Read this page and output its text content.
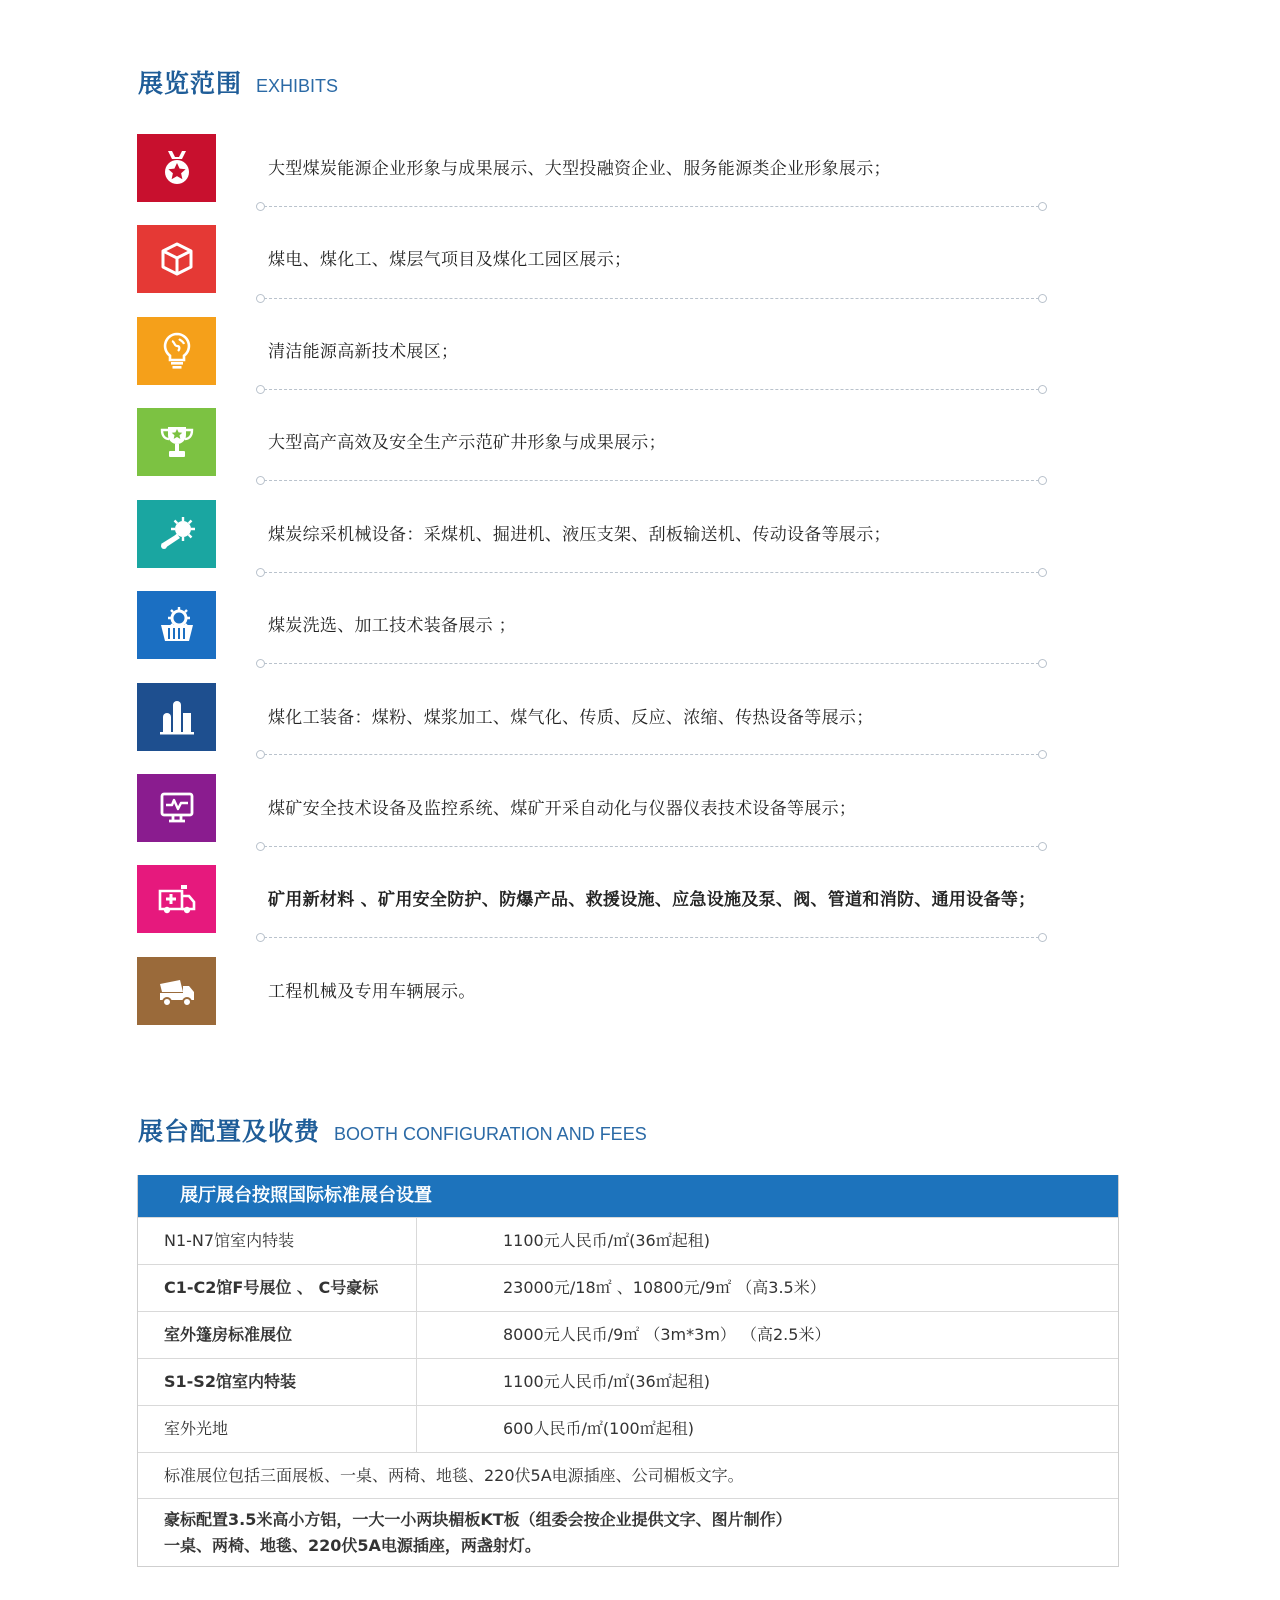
展览范围 EXHIBITS
大型煤炭能源企业形象与成果展示、大型投融资企业、服务能源类企业形象展示；
煤电、煤化工、煤层气项目及煤化工园区展示；
清洁能源高新技术展区；
大型高产高效及安全生产示范矿井形象与成果展示；
煤炭综采机械设备：采煤机、掘进机、液压支架、刮板输送机、传动设备等展示；
煤炭洗选、加工技术装备展示 ；
煤化工装备：煤粉、煤浆加工、煤气化、传质、反应、浓缩、传热设备等展示；
煤矿安全技术设备及监控系统、煤矿开采自动化与仪器仪表技术设备等展示；
矿用新材料 、矿用安全防护、防爆产品、救援设施、应急设施及泵、阀、管道和消防、通用设备等；
工程机械及专用车辆展示。
展台配置及收费 BOOTH CONFIGURATION AND FEES
展厅展台按照国际标准展台设置
N1-N7馆室内特装	1100元人民币/㎡(36㎡起租)
C1-C2馆F号展位 、 C号豪标	23000元/18㎡ 、10800元/9㎡ （高3.5米）
室外篷房标准展位	8000元人民币/9㎡ （3m*3m） （高2.5米）
S1-S2馆室内特装	1100元人民币/㎡(36㎡起租)
室外光地	600人民币/㎡(100㎡起租)
标准展位包括三面展板、一桌、两椅、地毯、220伏5A电源插座、公司楣板文字。
豪标配置3.5米高小方铝，一大一小两块楣板KT板（组委会按企业提供文字、图片制作）
一桌、两椅、地毯、220伏5A电源插座，两盏射灯。
